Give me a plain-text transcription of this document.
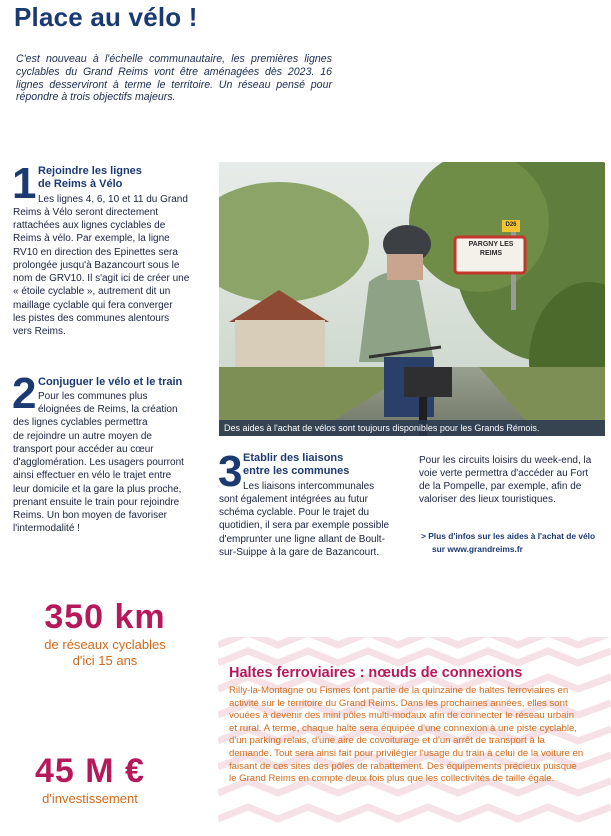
Place au vélo !
C'est nouveau à l'échelle communautaire, les premières lignes cyclables du Grand Reims vont être aménagées dès 2023. 16 lignes desserviront à terme le territoire. Un réseau pensé pour répondre à trois objectifs majeurs.
1 Rejoindre les lignes
de Reims à Vélo
Les lignes 4, 6, 10 et 11 du Grand
Reims à Vélo seront directement
rattachées aux lignes cyclables de
Reims à vélo. Par exemple, la ligne
RV10 en direction des Epinettes sera
prolongée jusqu'à Bazancourt sous le
nom de GRV10. Il s'agit ici de créer une
« étoile cyclable », autrement dit un
maillage cyclable qui fera converger
les pistes des communes alentours
vers Reims.
2 Conjuguer le vélo et le train
Pour les communes plus
éloignées de Reims, la création
des lignes cyclables permettra
de rejoindre un autre moyen de
transport pour accéder au cœur
d'agglomération. Les usagers pourront
ainsi effectuer en vélo le trajet entre
leur domicile et la gare la plus proche,
prenant ensuite le train pour rejoindre
Reims. Un bon moyen de favoriser
l'intermodalité !
Des aides à l'achat de vélos sont toujours disponibles pour les Grands Rémois.
3 Etablir des liaisons
entre les communes
Les liaisons intercommunales
sont également intégrées au futur
schéma cyclable. Pour le trajet du
quotidien, il sera par exemple possible
d'emprunter une ligne allant de Boult-
sur-Suippe à la gare de Bazancourt.
Pour les circuits loisirs du week-end, la
voie verte permettra d'accéder au Fort
de la Pompelle, par exemple, afin de
valoriser des lieux touristiques.
> Plus d'infos sur les aides à l'achat de vélo
sur www.grandreims.fr
350 km
de réseaux cyclables
d'ici 15 ans
45 M €
d'investissement
Haltes ferroviaires : nœuds de connexions
Rilly-la-Montagne ou Fismes font partie de la quinzaine de haltes ferroviaires en
activité sur le territoire du Grand Reims. Dans les prochaines années, elles sont
vouées à devenir des mini pôles multi-modaux afin de connecter le réseau urbain
et rural. A terme, chaque halte sera équipée d'une connexion à une piste cyclable,
d'un parking relais, d'une aire de covoiturage et d'un arrêt de transport à la
demande. Tout sera ainsi fait pour privilégier l'usage du train à celui de la voiture en
faisant de ces sites des pôles de rabattement. Des équipements précieux puisque
le Grand Reims en compte deux fois plus que les collectivités de taille égale.
PARGNY LES REIMS
D26
